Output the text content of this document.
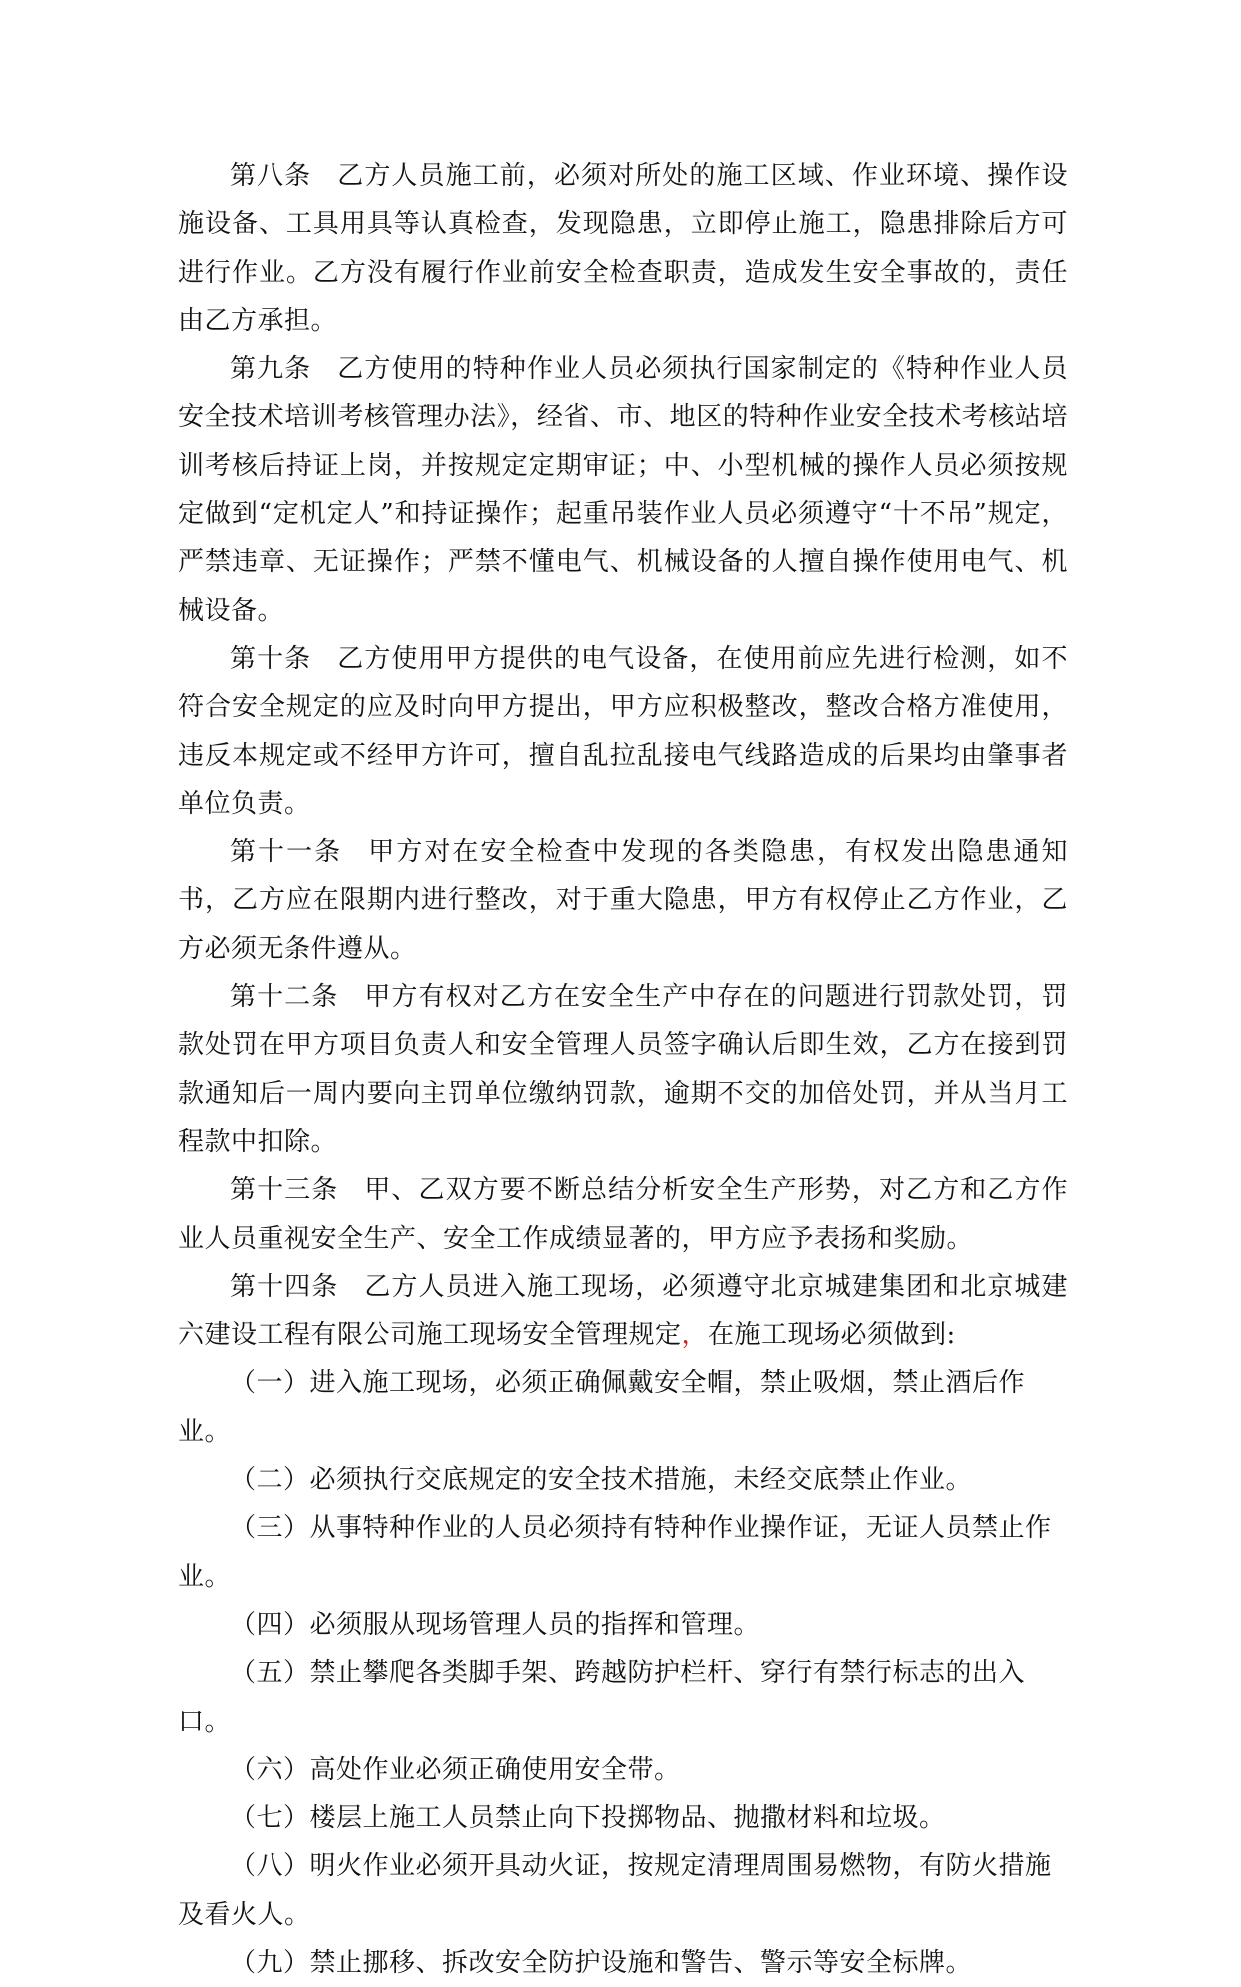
第八条 乙方人员施工前，必须对所处的施工区域、作业环境、操作设施设备、工具用具等认真检查，发现隐患，立即停止施工，隐患排除后方可进行作业。乙方没有履行作业前安全检查职责，造成发生安全事故的，责任由乙方承担。

第九条 乙方使用的特种作业人员必须执行国家制定的《特种作业人员安全技术培训考核管理办法》，经省、市、地区的特种作业安全技术考核站培训考核后持证上岗，并按规定定期审证；中、小型机械的操作人员必须按规定做到“定机定人”和持证操作；起重吊装作业人员必须遵守“十不吊”规定，严禁违章、无证操作；严禁不懂电气、机械设备的人擅自操作使用电气、机械设备。

第十条 乙方使用甲方提供的电气设备，在使用前应先进行检测，如不符合安全规定的应及时向甲方提出，甲方应积极整改，整改合格方准使用，违反本规定或不经甲方许可，擅自乱拉乱接电气线路造成的后果均由肇事者单位负责。

第十一条 甲方对在安全检查中发现的各类隐患，有权发出隐患通知书，乙方应在限期内进行整改，对于重大隐患，甲方有权停止乙方作业，乙方必须无条件遵从。

第十二条 甲方有权对乙方在安全生产中存在的问题进行罚款处罚，罚款处罚在甲方项目负责人和安全管理人员签字确认后即生效，乙方在接到罚款通知后一周内要向主罚单位缴纳罚款，逾期不交的加倍处罚，并从当月工程款中扣除。

第十三条 甲、乙双方要不断总结分析安全生产形势，对乙方和乙方作业人员重视安全生产、安全工作成绩显著的，甲方应予表扬和奖励。

第十四条 乙方人员进入施工现场，必须遵守北京城建集团和北京城建六建设工程有限公司施工现场安全管理规定，在施工现场必须做到:

（一）进入施工现场，必须正确佩戴安全帽，禁止吸烟，禁止酒后作业。

（二）必须执行交底规定的安全技术措施，未经交底禁止作业。

（三）从事特种作业的人员必须持有特种作业操作证，无证人员禁止作业。

（四）必须服从现场管理人员的指挥和管理。

（五）禁止攀爬各类脚手架、跨越防护栏杆、穿行有禁行标志的出入口。

（六）高处作业必须正确使用安全带。

（七）楼层上施工人员禁止向下投掷物品、抛撒材料和垃圾。

（八）明火作业必须开具动火证，按规定清理周围易燃物，有防火措施及看火人。

（九）禁止挪移、拆改安全防护设施和警告、警示等安全标牌。
